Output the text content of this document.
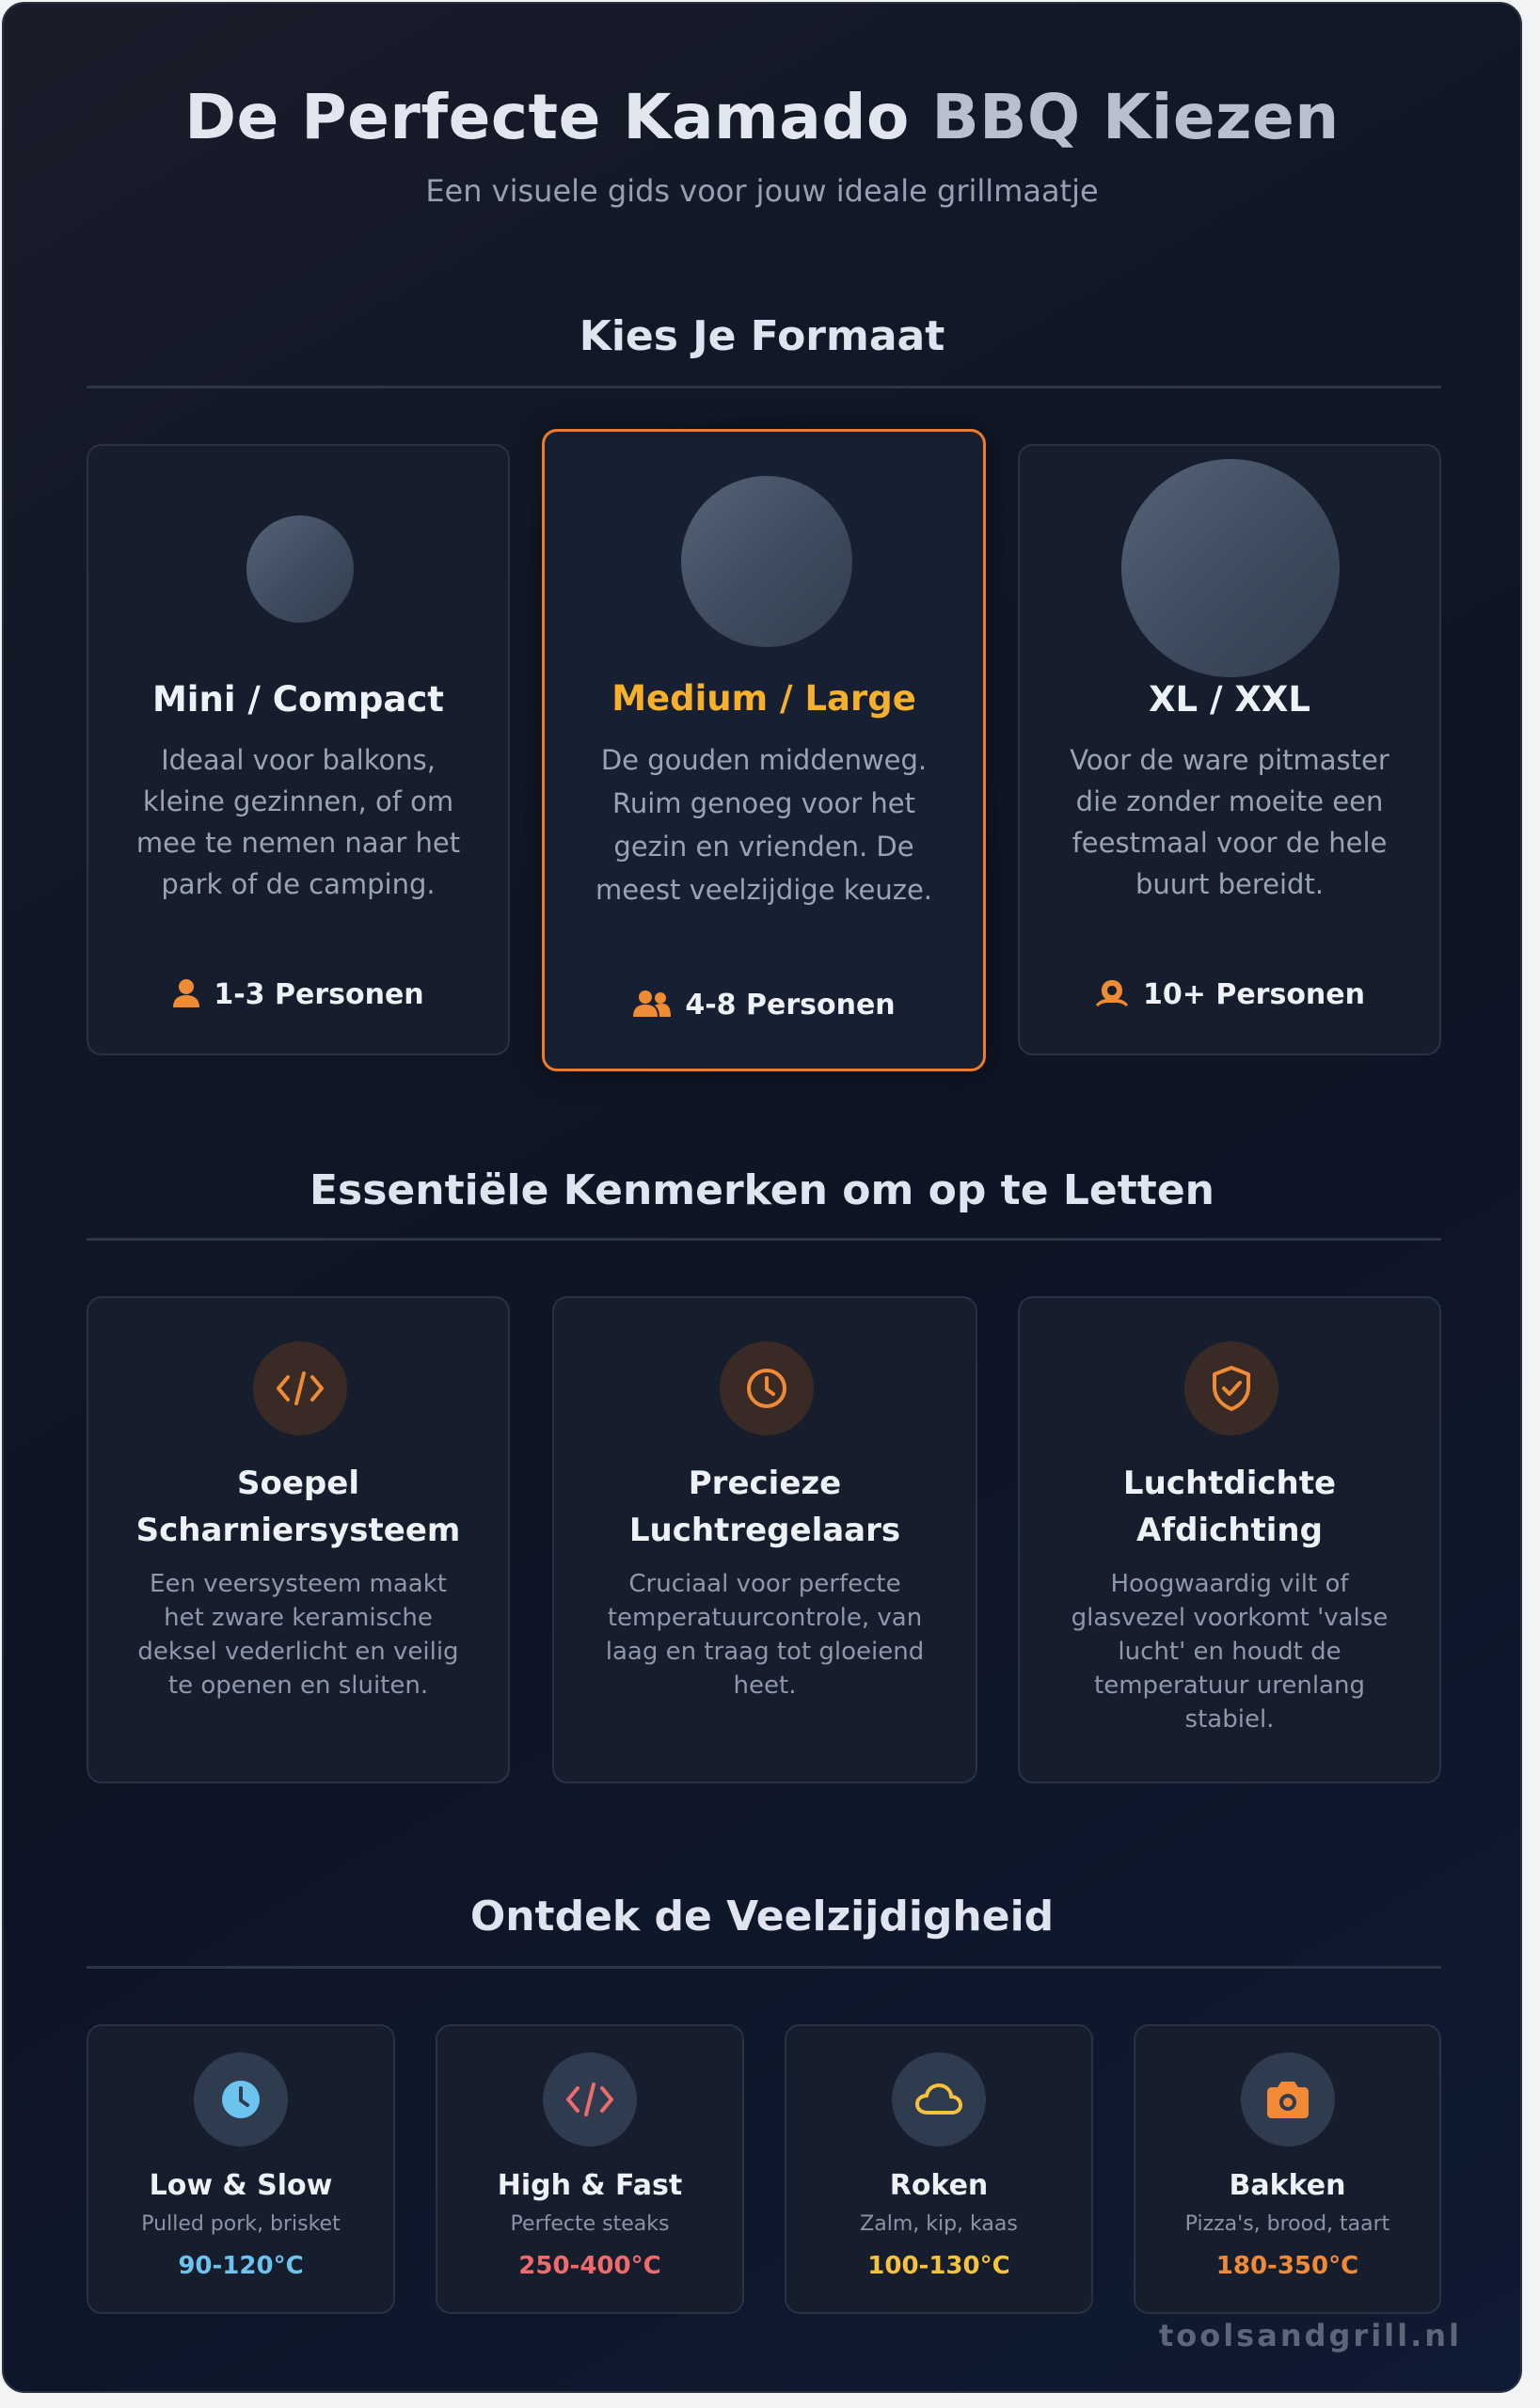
De Perfecte Kamado BBQ Kiezen
Een visuele gids voor jouw ideale grillmaatje
Kies Je Formaat
Mini / Compact
Ideaal voor balkons, kleine gezinnen, of om mee te nemen naar het park of de camping.
1-3 Personen
Medium / Large
De gouden middenweg. Ruim genoeg voor het gezin en vrienden. De meest veelzijdige keuze.
4-8 Personen
XL / XXL
Voor de ware pitmaster die zonder moeite een feestmaal voor de hele buurt bereidt.
10+ Personen
Essentiële Kenmerken om op te Letten
Soepel Scharniersysteem
Een veersysteem maakt het zware keramische deksel vederlicht en veilig te openen en sluiten.
Precieze Luchtregelaars
Cruciaal voor perfecte temperatuurcontrole, van laag en traag tot gloeiend heet.
Luchtdichte Afdichting
Hoogwaardig vilt of glasvezel voorkomt 'valse lucht' en houdt de temperatuur urenlang stabiel.
Ontdek de Veelzijdigheid
Low & Slow
Pulled pork, brisket
90-120°C
High & Fast
Perfecte steaks
250-400°C
Roken
Zalm, kip, kaas
100-130°C
Bakken
Pizza's, brood, taart
180-350°C
toolsandgrill.nl
